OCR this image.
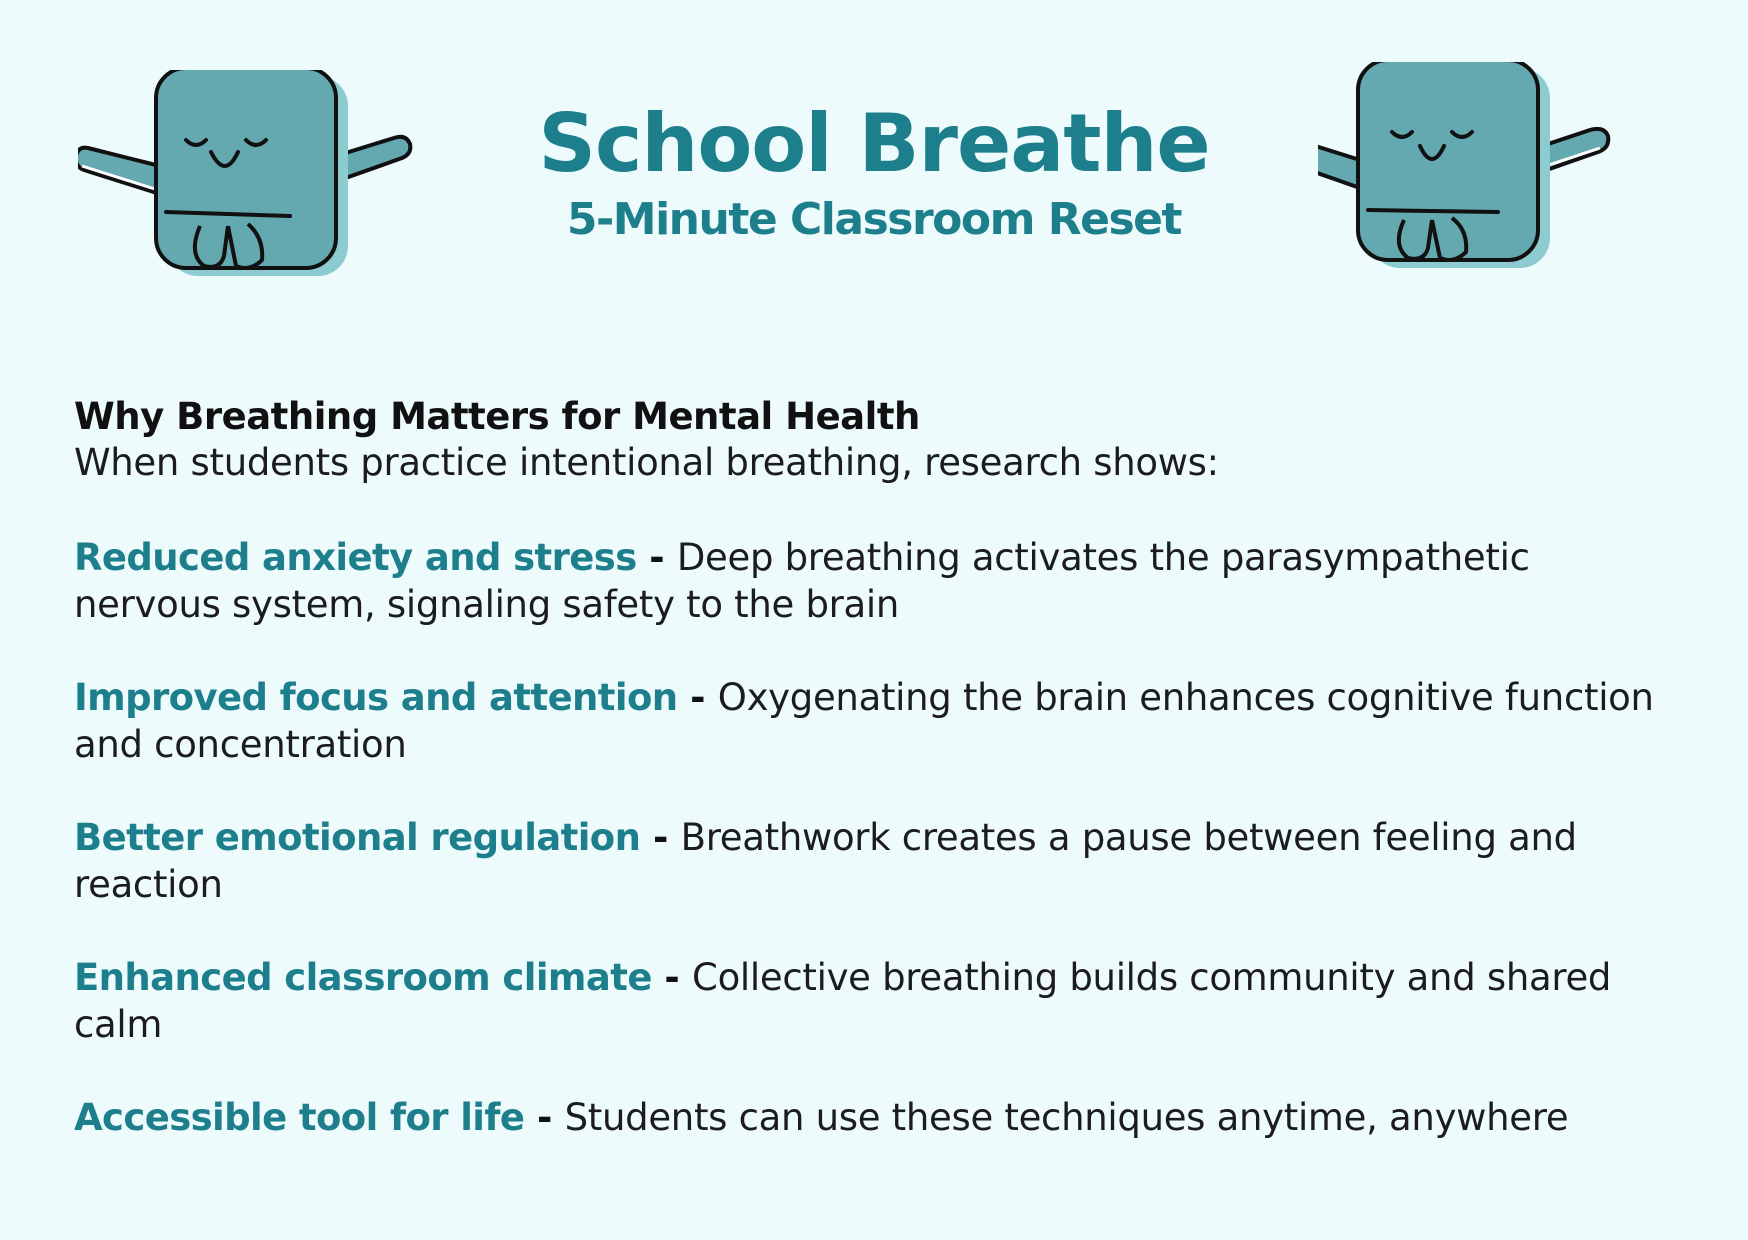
School Breathe
5-Minute Classroom Reset
Why Breathing Matters for Mental Health
When students practice intentional breathing, research shows:
Reduced anxiety and stress - Deep breathing activates the parasympathetic nervous system, signaling safety to the brain
Improved focus and attention - Oxygenating the brain enhances cognitive function and concentration
Better emotional regulation - Breathwork creates a pause between feeling and reaction
Enhanced classroom climate - Collective breathing builds community and shared calm
Accessible tool for life - Students can use these techniques anytime, anywhere
